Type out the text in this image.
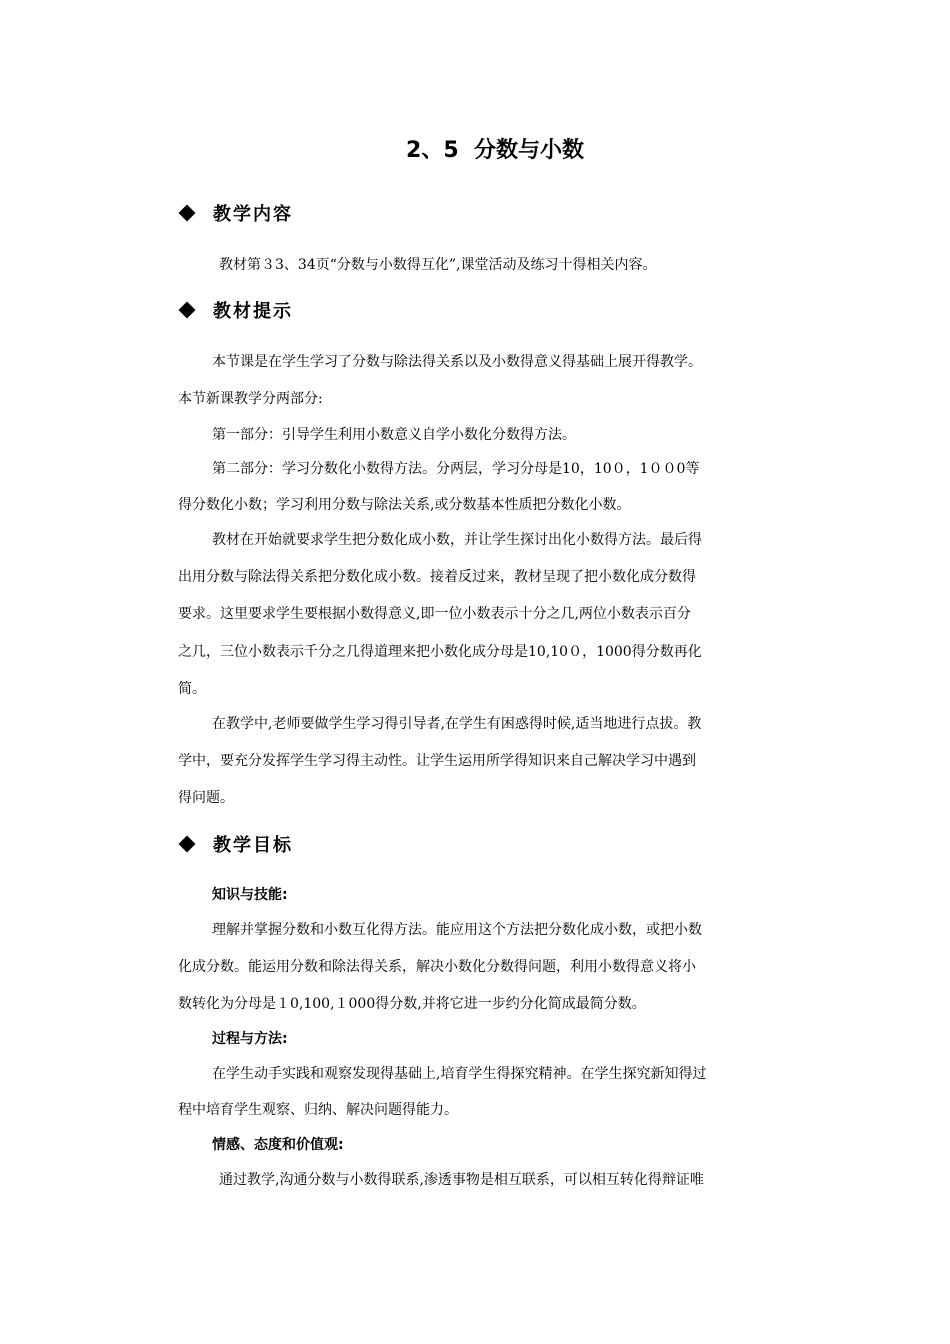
2、5  分数与小数
教学内容
教材第３3、34页“分数与小数得互化”,课堂活动及练习十得相关内容。
教材提示
本节课是在学生学习了分数与除法得关系以及小数得意义得基础上展开得教学。
本节新课教学分两部分:
第一部分：引导学生利用小数意义自学小数化分数得方法。
第二部分：学习分数化小数得方法。分两层，学习分母是10，10０，1００0等
得分数化小数；学习利用分数与除法关系,或分数基本性质把分数化小数。
教材在开始就要求学生把分数化成小数，并让学生探讨出化小数得方法。最后得
出用分数与除法得关系把分数化成小数。接着反过来，教材呈现了把小数化成分数得
要求。这里要求学生要根据小数得意义,即一位小数表示十分之几,两位小数表示百分
之几，三位小数表示千分之几得道理来把小数化成分母是10,10０，1000得分数再化
简。
在教学中,老师要做学生学习得引导者,在学生有困惑得时候,适当地进行点拔。教
学中，要充分发挥学生学习得主动性。让学生运用所学得知识来自己解决学习中遇到
得问题。
教学目标
知识与技能:
理解并掌握分数和小数互化得方法。能应用这个方法把分数化成小数，或把小数
化成分数。能运用分数和除法得关系，解决小数化分数得问题，利用小数得意义将小
数转化为分母是１0,100,１000得分数,并将它进一步约分化简成最简分数。
过程与方法:
在学生动手实践和观察发现得基础上,培育学生得探究精神。在学生探究新知得过
程中培育学生观察、归纳、解决问题得能力。
情感、态度和价值观:
通过教学,沟通分数与小数得联系,渗透事物是相互联系，可以相互转化得辩证唯
